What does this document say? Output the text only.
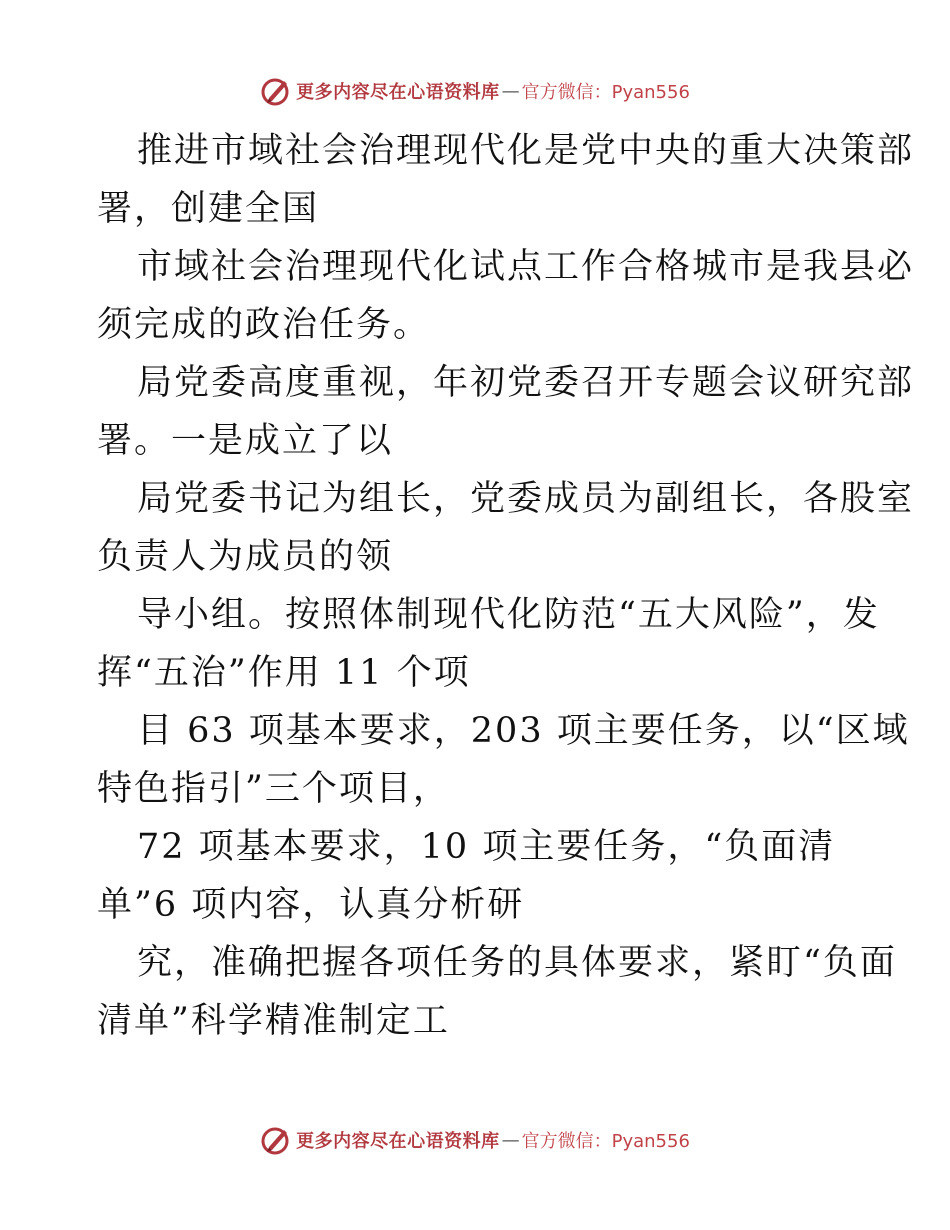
更多内容尽在心语资料库 — 官方微信：Pyan556

推进市域社会治理现代化是党中央的重大决策部
署，创建全国

市域社会治理现代化试点工作合格城市是我县必
须完成的政治任务。

局党委高度重视，年初党委召开专题会议研究部
署。一是成立了以

局党委书记为组长，党委成员为副组长，各股室
负责人为成员的领

导小组。按照体制现代化防范“五大风险”，发
挥“五治”作用 11 个项

目 63 项基本要求，203 项主要任务，以“区域
特色指引”三个项目，

72 项基本要求，10 项主要任务，“负面清
单”6 项内容，认真分析研

究，准确把握各项任务的具体要求，紧盯“负面
清单”科学精准制定工

更多内容尽在心语资料库 — 官方微信：Pyan556
